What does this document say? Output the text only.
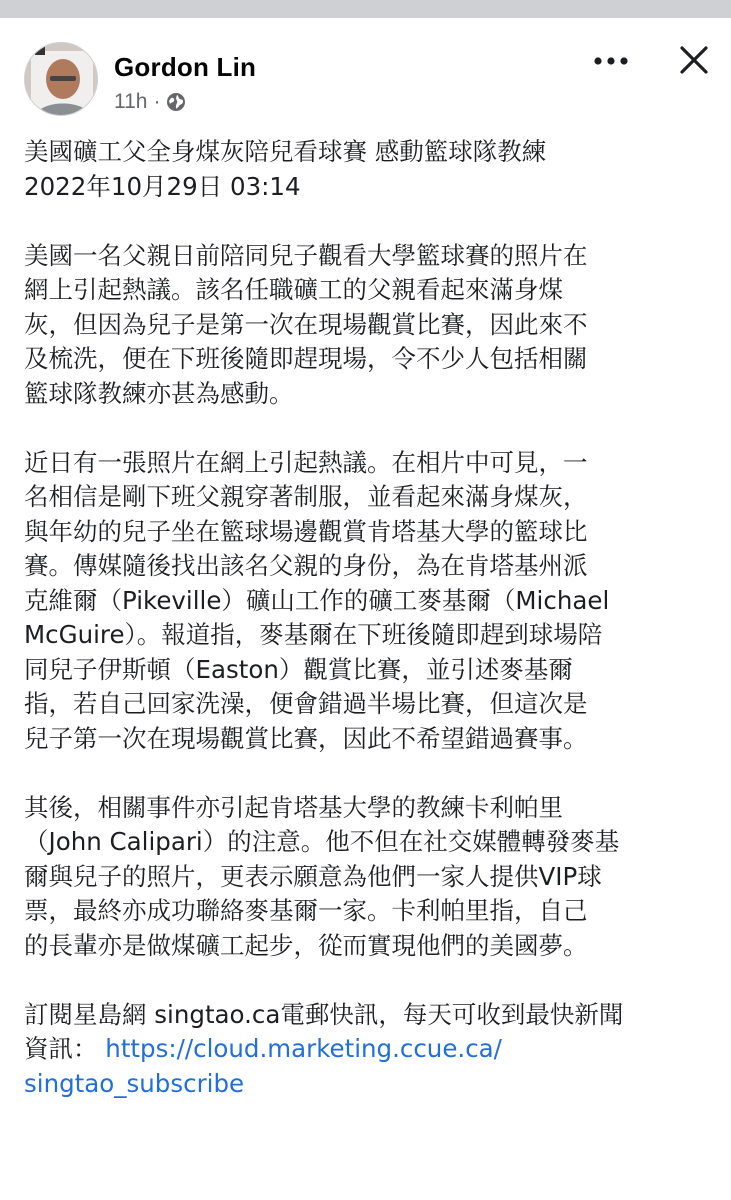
Gordon Lin
11h ·
美國礦工父全身煤灰陪兒看球賽 感動籃球隊教練
2022年10月29日 03:14
美國一名父親日前陪同兒子觀看大學籃球賽的照片在
網上引起熱議。該名任職礦工的父親看起來滿身煤
灰，但因為兒子是第一次在現場觀賞比賽，因此來不
及梳洗，便在下班後隨即趕現場，令不少人包括相關
籃球隊教練亦甚為感動。
近日有一張照片在網上引起熱議。在相片中可見，一
名相信是剛下班父親穿著制服，並看起來滿身煤灰，
與年幼的兒子坐在籃球場邊觀賞肯塔基大學的籃球比
賽。傳媒隨後找出該名父親的身份，為在肯塔基州派
克維爾（Pikeville）礦山工作的礦工麥基爾（Michael
McGuire）。報道指，麥基爾在下班後隨即趕到球場陪
同兒子伊斯頓（Easton）觀賞比賽，並引述麥基爾
指，若自己回家洗澡，便會錯過半場比賽，但這次是
兒子第一次在現場觀賞比賽，因此不希望錯過賽事。
其後，相關事件亦引起肯塔基大學的教練卡利帕里
（John Calipari）的注意。他不但在社交媒體轉發麥基
爾與兒子的照片，更表示願意為他們一家人提供VIP球
票，最終亦成功聯絡麥基爾一家。卡利帕里指，自己
的長輩亦是做煤礦工起步，從而實現他們的美國夢。
訂閱星島網 singtao.ca電郵快訊，每天可收到最快新聞
資訊： https://cloud.marketing.ccue.ca/
singtao_subscribe
